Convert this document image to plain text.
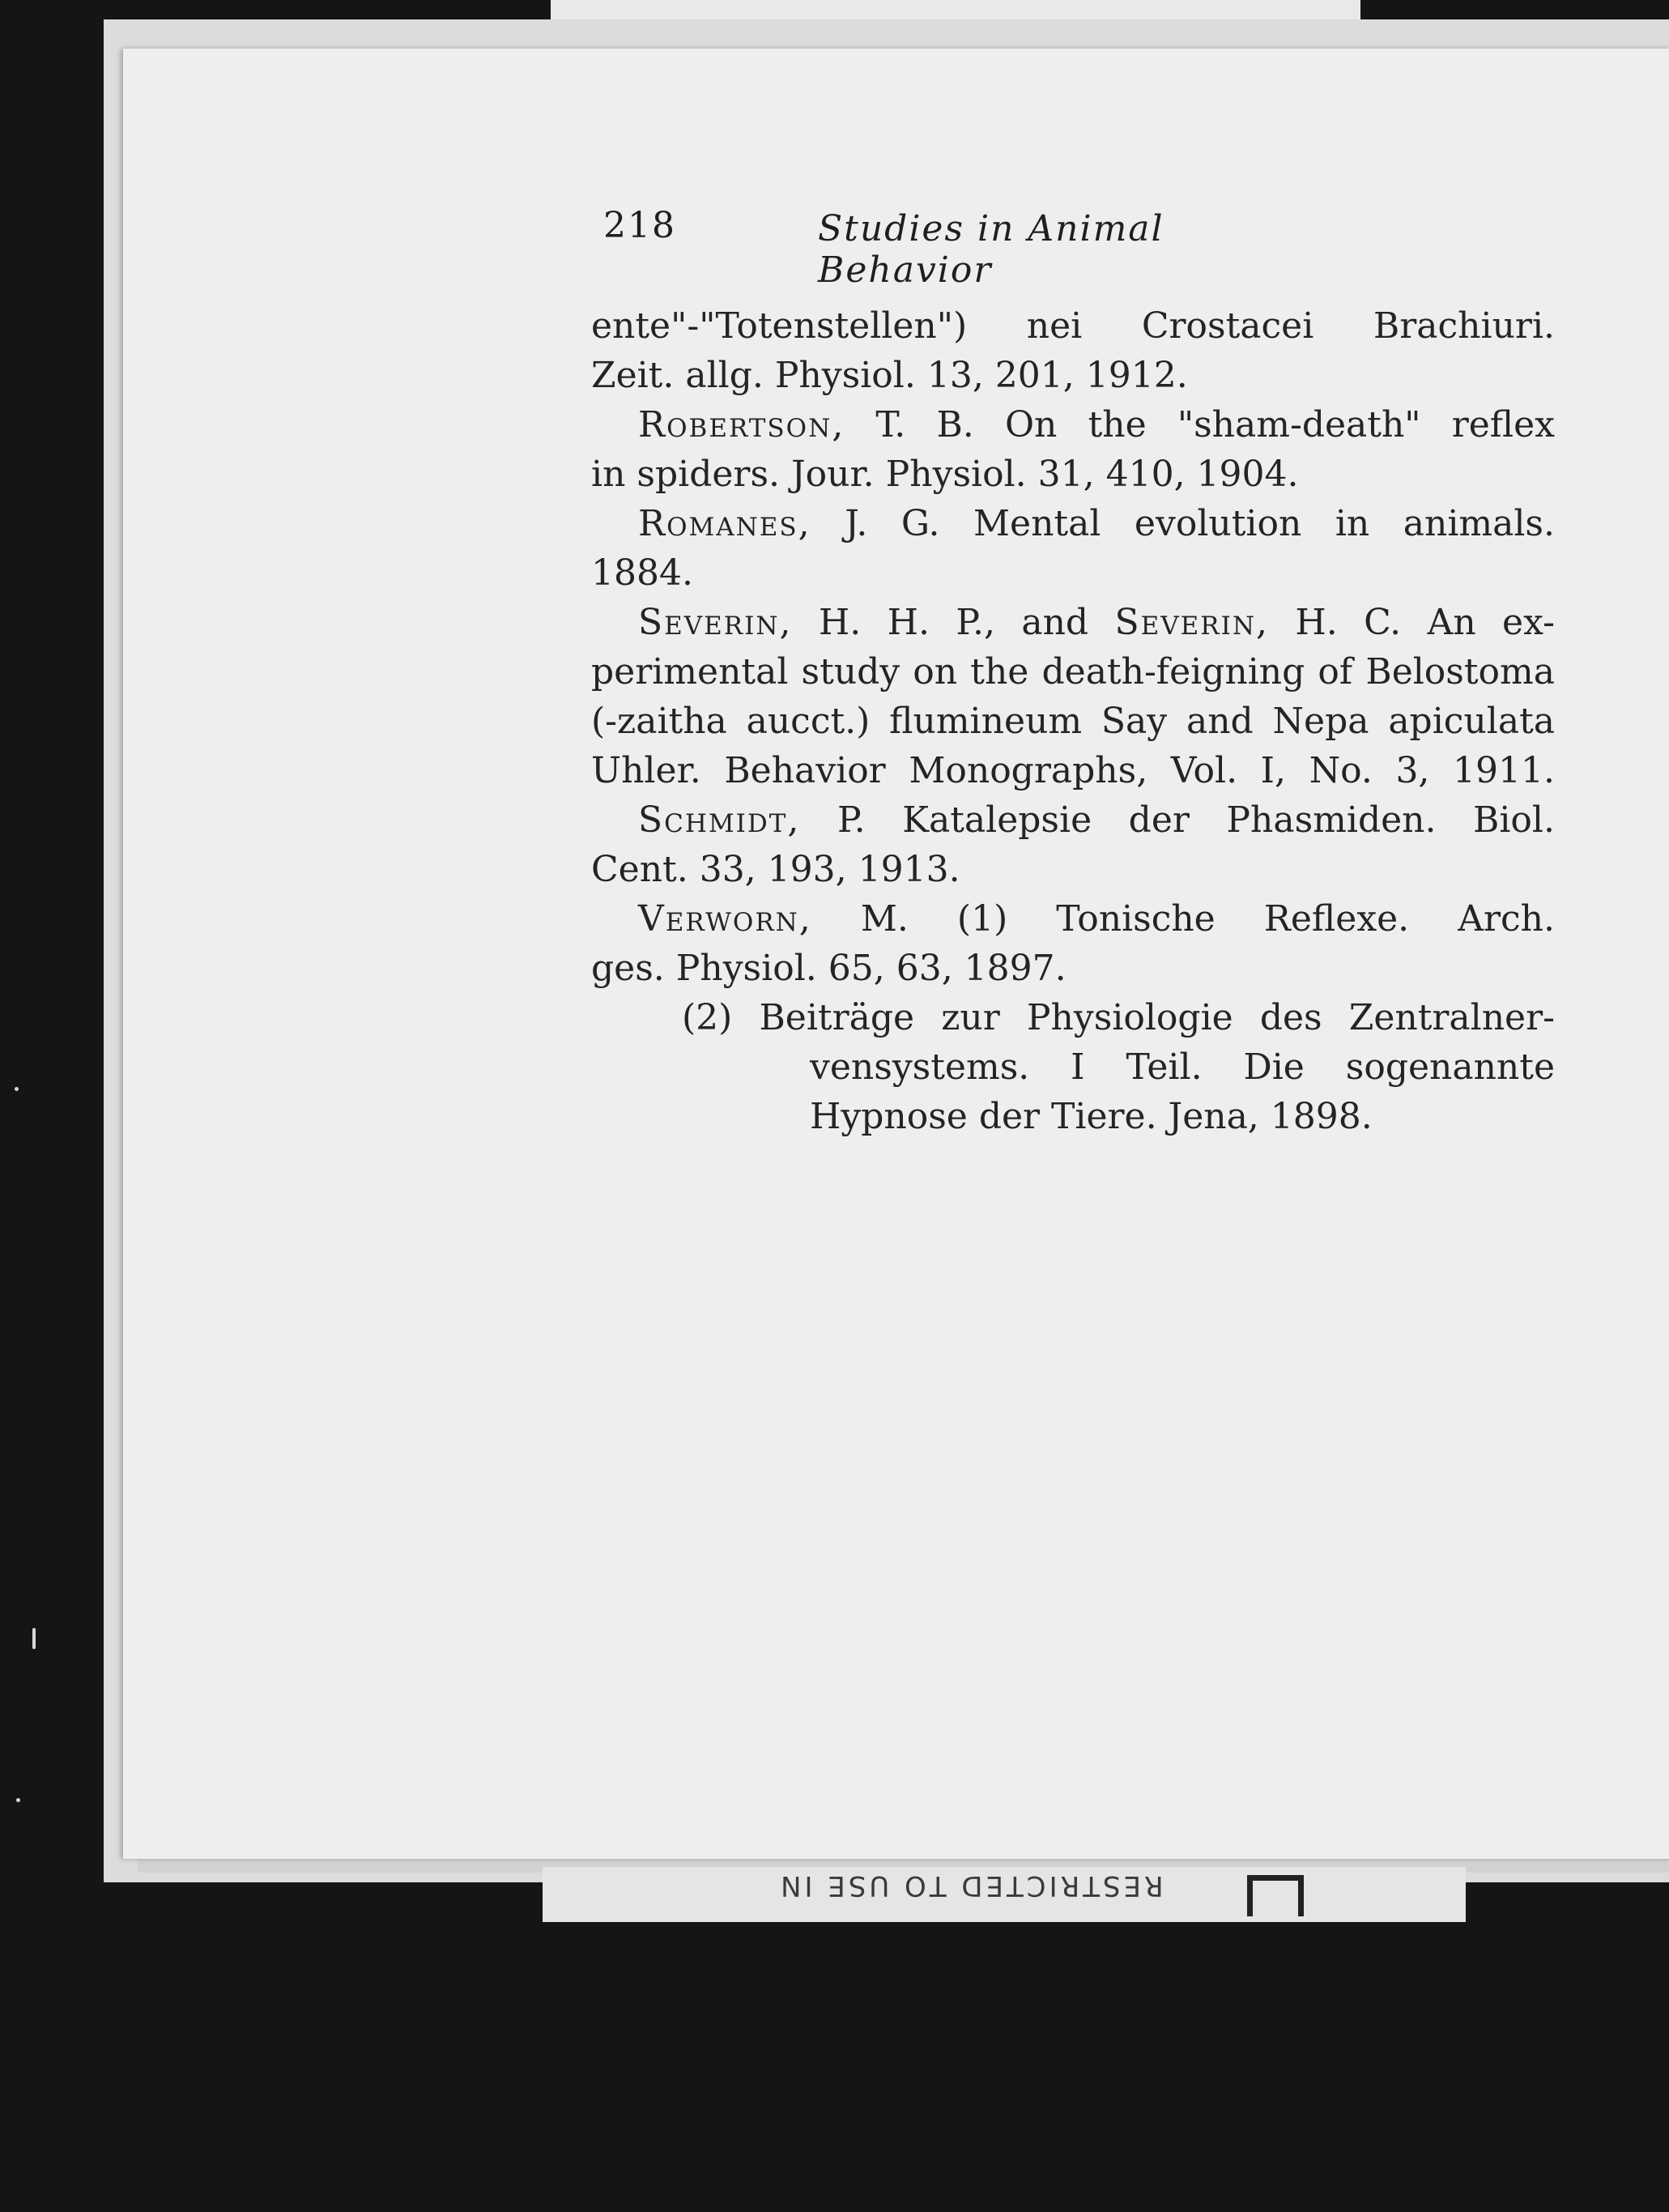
RESTRICTED TO USE IN
218	Studies in Animal Behavior
ente"-"Totenstellen") nei Crostacei Brachiuri.
Zeit. allg. Physiol. 13, 201, 1912.
Robertson, T. B. On the "sham-death" reflex
in spiders. Jour. Physiol. 31, 410, 1904.
Romanes, J. G. Mental evolution in animals.
1884.
Severin, H. H. P., and Severin, H. C. An ex-
perimental study on the death-feigning of Belostoma
(-zaitha aucct.) flumineum Say and Nepa apiculata
Uhler. Behavior Monographs, Vol. I, No. 3, 1911.
Schmidt, P. Katalepsie der Phasmiden. Biol.
Cent. 33, 193, 1913.
Verworn, M. (1) Tonische Reflexe. Arch.
ges. Physiol. 65, 63, 1897.
(2) Beiträge zur Physiologie des Zentralner-
vensystems. I Teil. Die sogenannte
Hypnose der Tiere. Jena, 1898.
